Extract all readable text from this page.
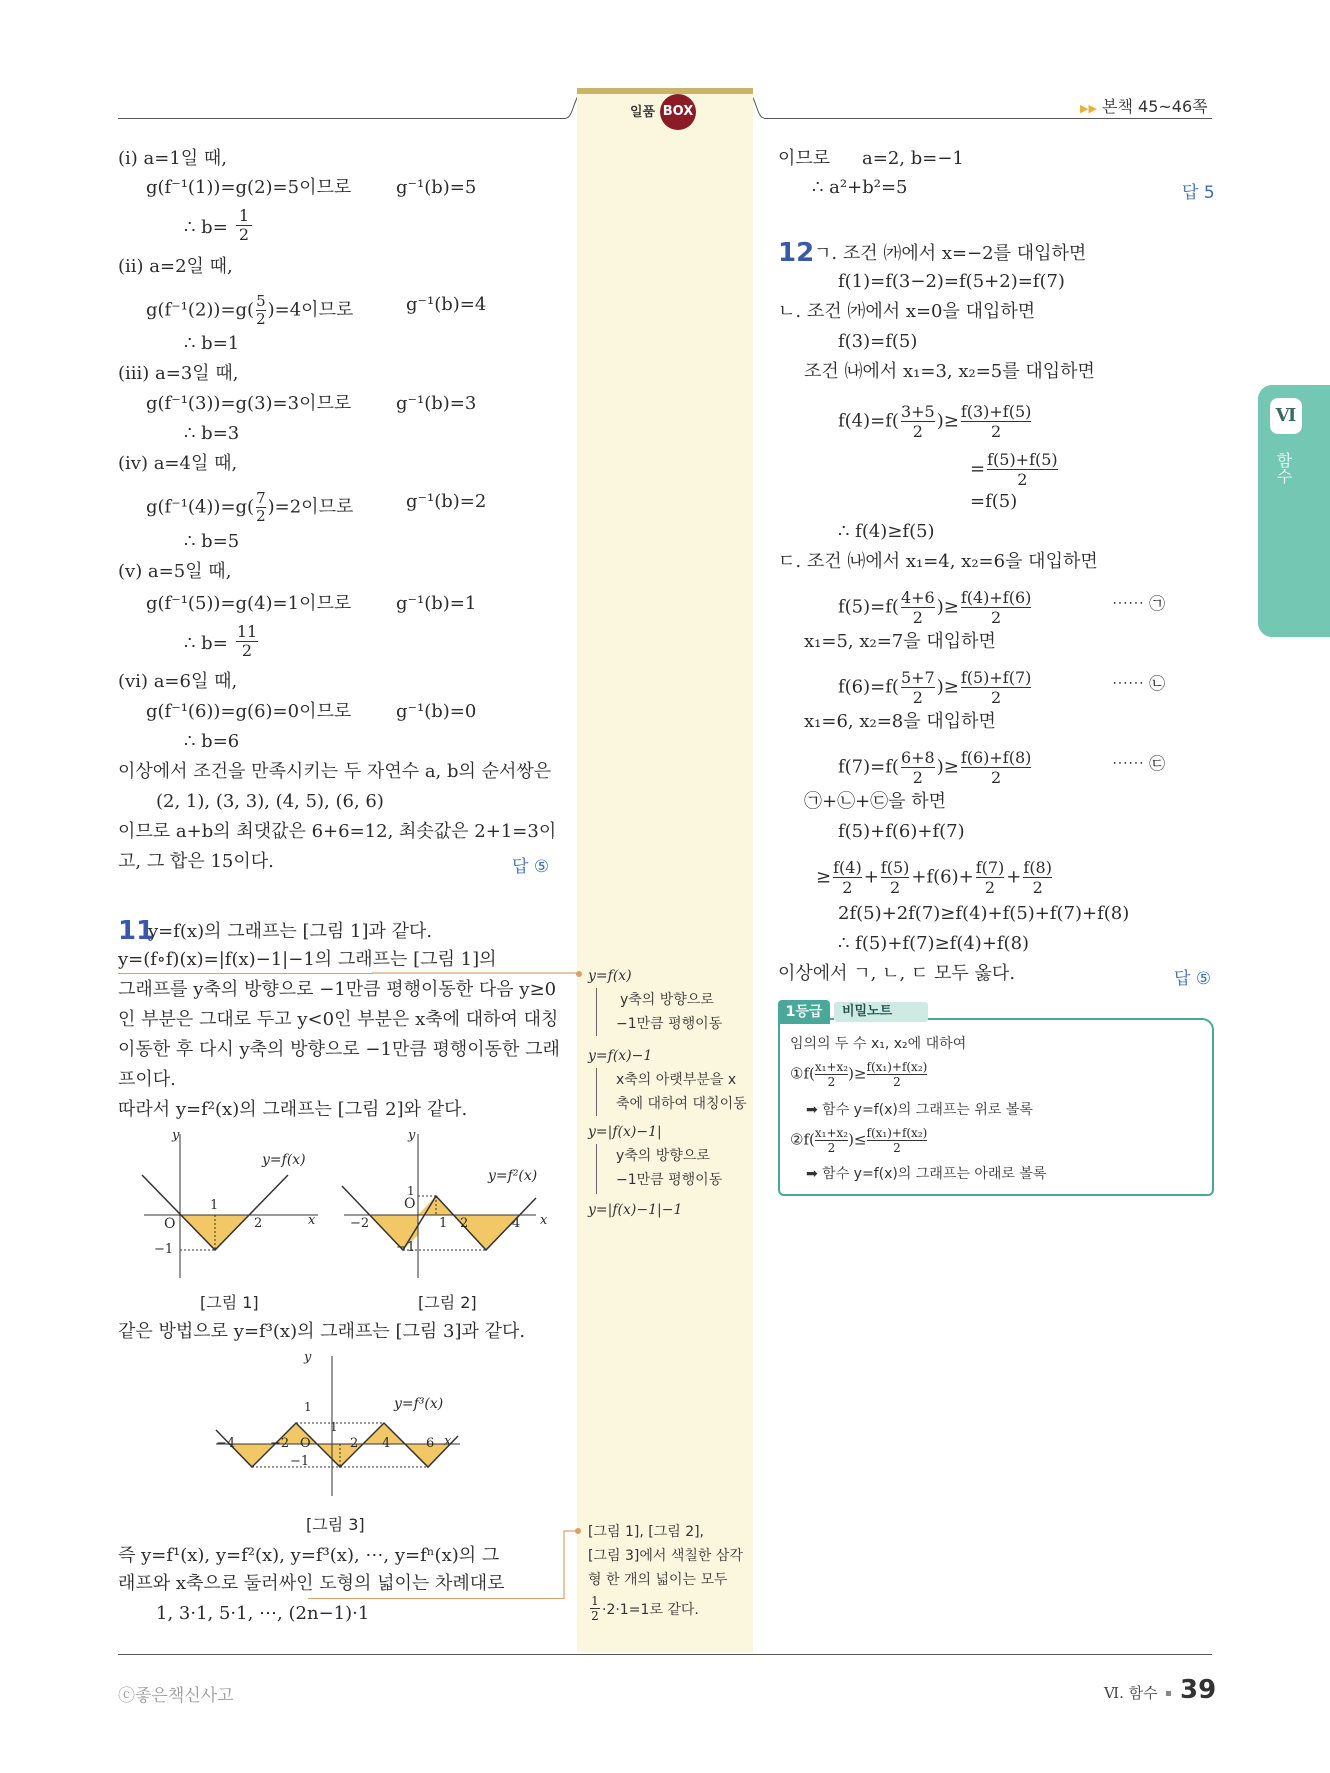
일품 BOX	▶▶ 본책 45~46쪽
Ⅵ
함수
(ⅰ) a=1일 때,
g(f⁻¹(1))=g(2)=5이므로 g⁻¹(b)=5
∴ $b= \frac{1}{2}$
(ⅱ) a=2일 때,
$g(f^{-1}(2))=g( \frac{5}{2} )=4$이므로	g⁻¹(b)=4
∴ b=1
(ⅲ) a=3일 때,
g(f⁻¹(3))=g(3)=3이므로 g⁻¹(b)=3
∴ b=3
(ⅳ) a=4일 때,
$g(f^{-1}(4))=g( \frac{7}{2} )=2$이므로	g⁻¹(b)=2
∴ b=5
(ⅴ) a=5일 때,
g(f⁻¹(5))=g(4)=1이므로 g⁻¹(b)=1
∴ $b= \frac{11}{2}$
(ⅵ) a=6일 때,
g(f⁻¹(6))=g(6)=0이므로 g⁻¹(b)=0
∴ b=6
이상에서 조건을 만족시키는 두 자연수 a, b의 순서쌍은
(2, 1), (3, 3), (4, 5), (6, 6)
이므로 a+b의 최댓값은 6+6=12, 최솟값은 2+1=3이
고, 그 합은 15이다.	답 ⑤
11
y=f(x)의 그래프는 [그림 1]과 같다.
y=(f∘f)(x)=|f(x)−1|−1의 그래프는 [그림 1]의
그래프를 y축의 방향으로 −1만큼 평행이동한 다음 y≥0
인 부분은 그대로 두고 y<0인 부분은 x축에 대하여 대칭
이동한 후 다시 y축의 방향으로 −1만큼 평행이동한 그래
프이다.
따라서 y=f²(x)의 그래프는 [그림 2]와 같다.
y
x
O
1
2
−1
y=f(x)
[그림 1]
y
x
O
1
−2	1 2	4
−1
y=f²(x)
[그림 2]
같은 방법으로 y=f³(x)의 그래프는 [그림 3]과 같다.
y
x
O
1
−4	−2
1
2 4	6
−1
y=f³(x)
[그림 3]
즉 y=f¹(x), y=f²(x), y=f³(x), ⋯, y=fⁿ(x)의 그
래프와 x축으로 둘러싸인 도형의 넓이는 차례대로
1, 3·1, 5·1, ⋯, (2n−1)·1
y=f(x)
y축의 방향으로
−1만큼 평행이동
y=f(x)−1
x축의 아랫부분을 x
축에 대하여 대칭이동
y=|f(x)−1|
y축의 방향으로
−1만큼 평행이동
y=|f(x)−1|−1
[그림 1], [그림 2],
[그림 3]에서 색칠한 삼각
형 한 개의 넓이는 모두
$\frac{1}{2} \cdot 2\cdot 1=1$로 같다.
이므로 a=2, b=−1
∴ a²+b²=5	답 5
12 ㄱ. 조건 ㈎에서 x=−2를 대입하면
f(1)=f(3−2)=f(5+2)=f(7)
ㄴ. 조건 ㈎에서 x=0을 대입하면
f(3)=f(5)
조건 ㈏에서 x₁=3, x₂=5를 대입하면
$f(4)=f( \frac{3+5}{2}$ )≥ $\frac{f(3)+f(5)}{2}$
= $\frac{f(5)+f(5)}{2}$
=f(5)
∴ f(4)≥f(5)
ㄷ. 조건 ㈏에서 x₁=4, x₂=6을 대입하면
$f(5)=f( \frac{4+6}{2}$ )≥ $\frac{f(4)+f(6)}{2}$	⋯⋯ ㉠
x₁=5, x₂=7을 대입하면
$f(6)=f( \frac{5+7}{2}$ )≥ $\frac{f(5)+f(7)}{2}$	⋯⋯ ㉡
x₁=6, x₂=8을 대입하면
$f(7)=f( \frac{6+8}{2}$ )≥ $\frac{f(6)+f(8)}{2}$	⋯⋯ ㉢
㉠+㉡+㉢을 하면
f(5)+f(6)+f(7)
≥ $\frac{f(4)}{2} + \frac{f(5)}{2} +f(6)+ \frac{f(7)}{2} + \frac{f(8)}{2}$
2f(5)+2f(7)≥f(4)+f(5)+f(7)+f(8)
∴ f(5)+f(7)≥f(4)+f(8)
이상에서 ㄱ, ㄴ, ㄷ 모두 옳다.	답 ⑤
1등급	비밀노트
임의의 두 수 x₁, x₂에 대하여
①f( $\frac{\text{x₁+x₂}}{2}$ )≥ $\frac{\text{f(x₁)+f(x₂)}}{2}$
➡ 함수 y=f(x)의 그래프는 위로 볼록
②f( $\frac{\text{x₁+x₂}}{2}$ )≤ $\frac{\text{f(x₁)+f(x₂)}}{2}$
➡ 함수 y=f(x)의 그래프는 아래로 볼록
ⓒ좋은책신사고	Ⅵ. 함수 39
